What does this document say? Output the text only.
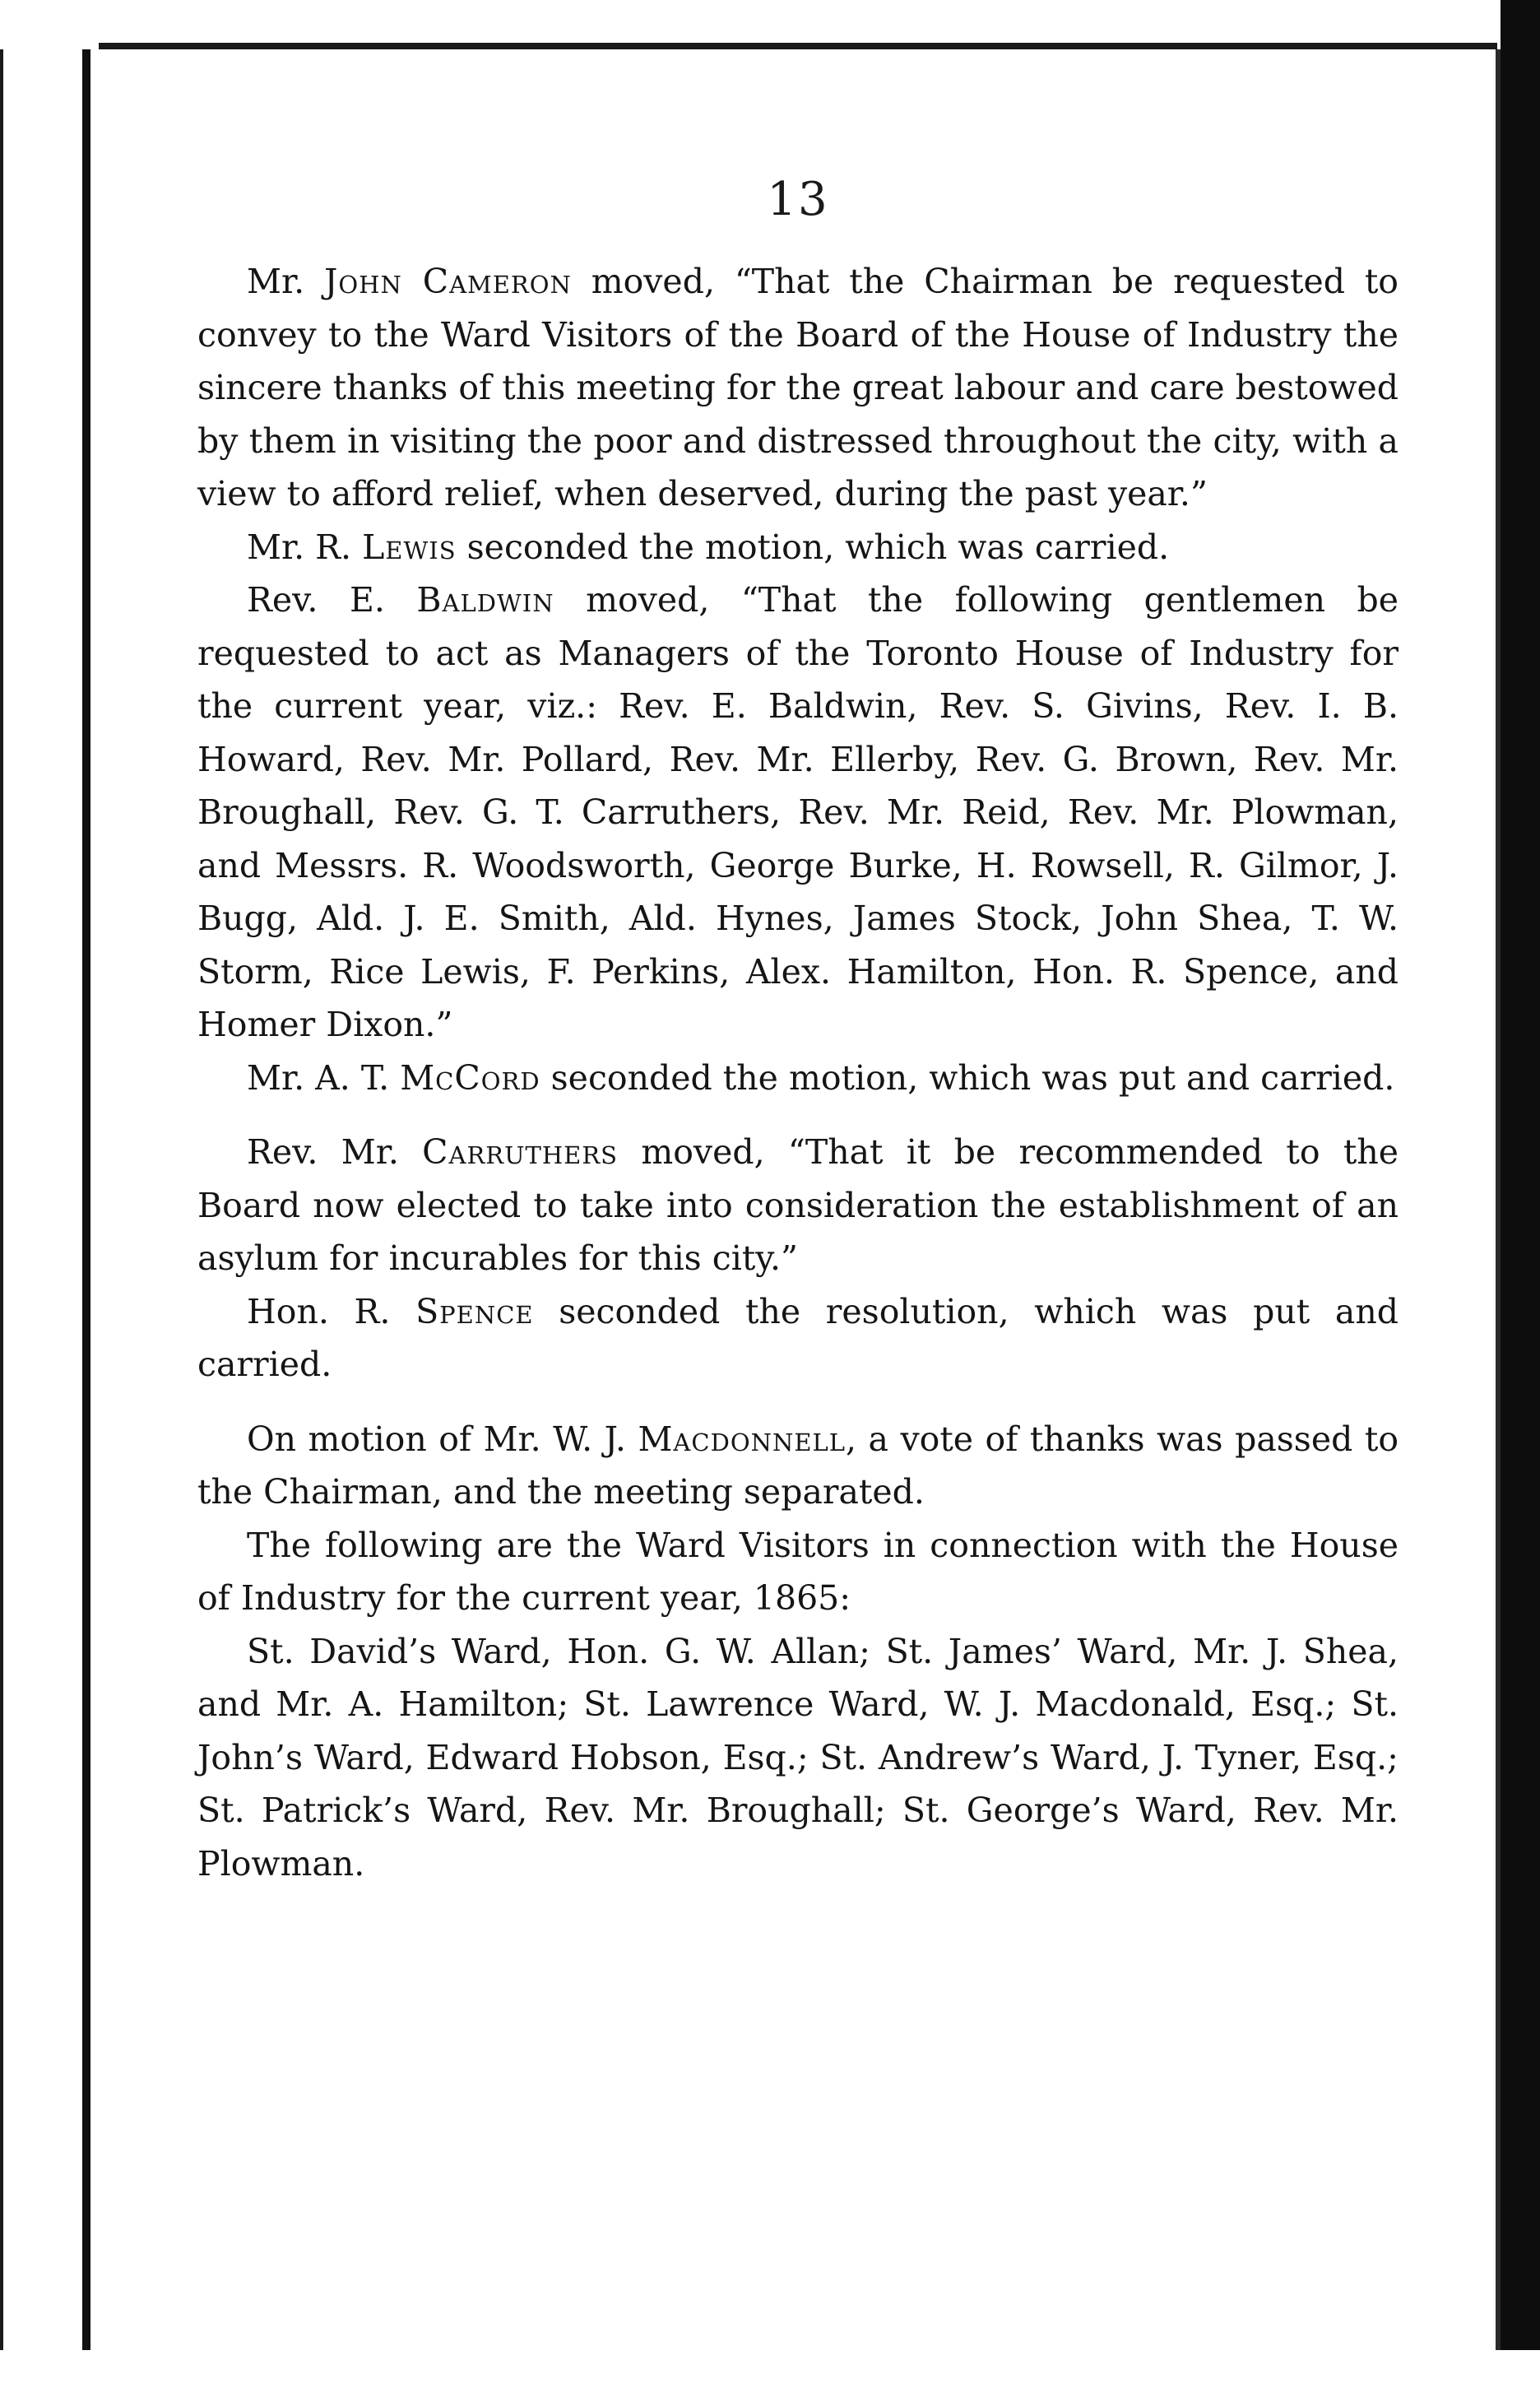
13

Mr. John Cameron moved, “That the Chairman be requested to convey to the Ward Visitors of the Board of the House of Industry the sincere thanks of this meeting for the great labour and care bestowed by them in visiting the poor and distressed throughout the city, with a view to afford relief, when deserved, during the past year.”

Mr. R. Lewis seconded the motion, which was carried.

Rev. E. Baldwin moved, “That the following gentlemen be requested to act as Managers of the Toronto House of Industry for the current year, viz.: Rev. E. Baldwin, Rev. S. Givins, Rev. I. B. Howard, Rev. Mr. Pollard, Rev. Mr. Ellerby, Rev. G. Brown, Rev. Mr. Broughall, Rev. G. T. Carruthers, Rev. Mr. Reid, Rev. Mr. Plowman, and Messrs. R. Woodsworth, George Burke, H. Rowsell, R. Gilmor, J. Bugg, Ald. J. E. Smith, Ald. Hynes, James Stock, John Shea, T. W. Storm, Rice Lewis, F. Perkins, Alex. Hamilton, Hon. R. Spence, and Homer Dixon.”

Mr. A. T. McCord seconded the motion, which was put and carried.

Rev. Mr. Carruthers moved, “That it be recommended to the Board now elected to take into consideration the establishment of an asylum for incurables for this city.”

Hon. R. Spence seconded the resolution, which was put and carried.

On motion of Mr. W. J. Macdonnell, a vote of thanks was passed to the Chairman, and the meeting separated.

The following are the Ward Visitors in connection with the House of Industry for the current year, 1865:

St. David’s Ward, Hon. G. W. Allan; St. James’ Ward, Mr. J. Shea, and Mr. A. Hamilton; St. Lawrence Ward, W. J. Macdonald, Esq.; St. John’s Ward, Edward Hobson, Esq.; St. Andrew’s Ward, J. Tyner, Esq.; St. Patrick’s Ward, Rev. Mr. Broughall; St. George’s Ward, Rev. Mr. Plowman.
